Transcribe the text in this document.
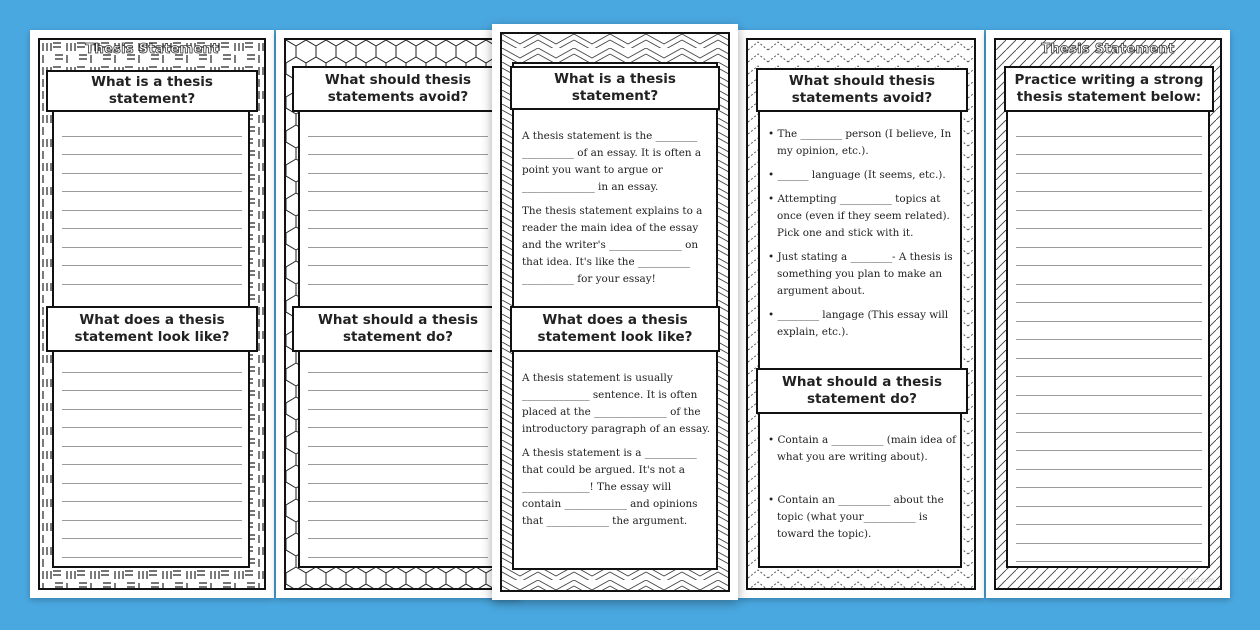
Thesis Statement
What is a thesis statement?
What does a thesis statement look like?
What should thesis statements avoid?
What should a thesis statement do?
What should thesis statements avoid?
• The ________ person (I believe, In my opinion, etc.).
• ______ language (It seems, etc.).
• Attempting __________ topics at once (even if they seem related). Pick one and stick with it.
• Just stating a ________- A thesis is something you plan to make an argument about.
• ________ langage (This essay will explain, etc.).
What should a thesis statement do?
• Contain a __________ (main idea of what you are writing about).
• Contain an __________ about the topic (what your__________ is toward the topic).
Thesis Statement
Practice writing a strong thesis statement below:
twinkl.com
What is a thesis statement?

A thesis statement is the ________ __________ of an essay. It is often a point you want to argue or ______________ in an essay.

The thesis statement explains to a reader the main idea of the essay and the writer's ______________ on that idea. It's like the __________ __________ for your essay!

What does a thesis statement look like?

A thesis statement is usually _____________ sentence. It is often placed at the ______________ of the introductory paragraph of an essay.

A thesis statement is a __________ that could be argued. It's not a _____________! The essay will contain ____________ and opinions that ____________ the argument.
